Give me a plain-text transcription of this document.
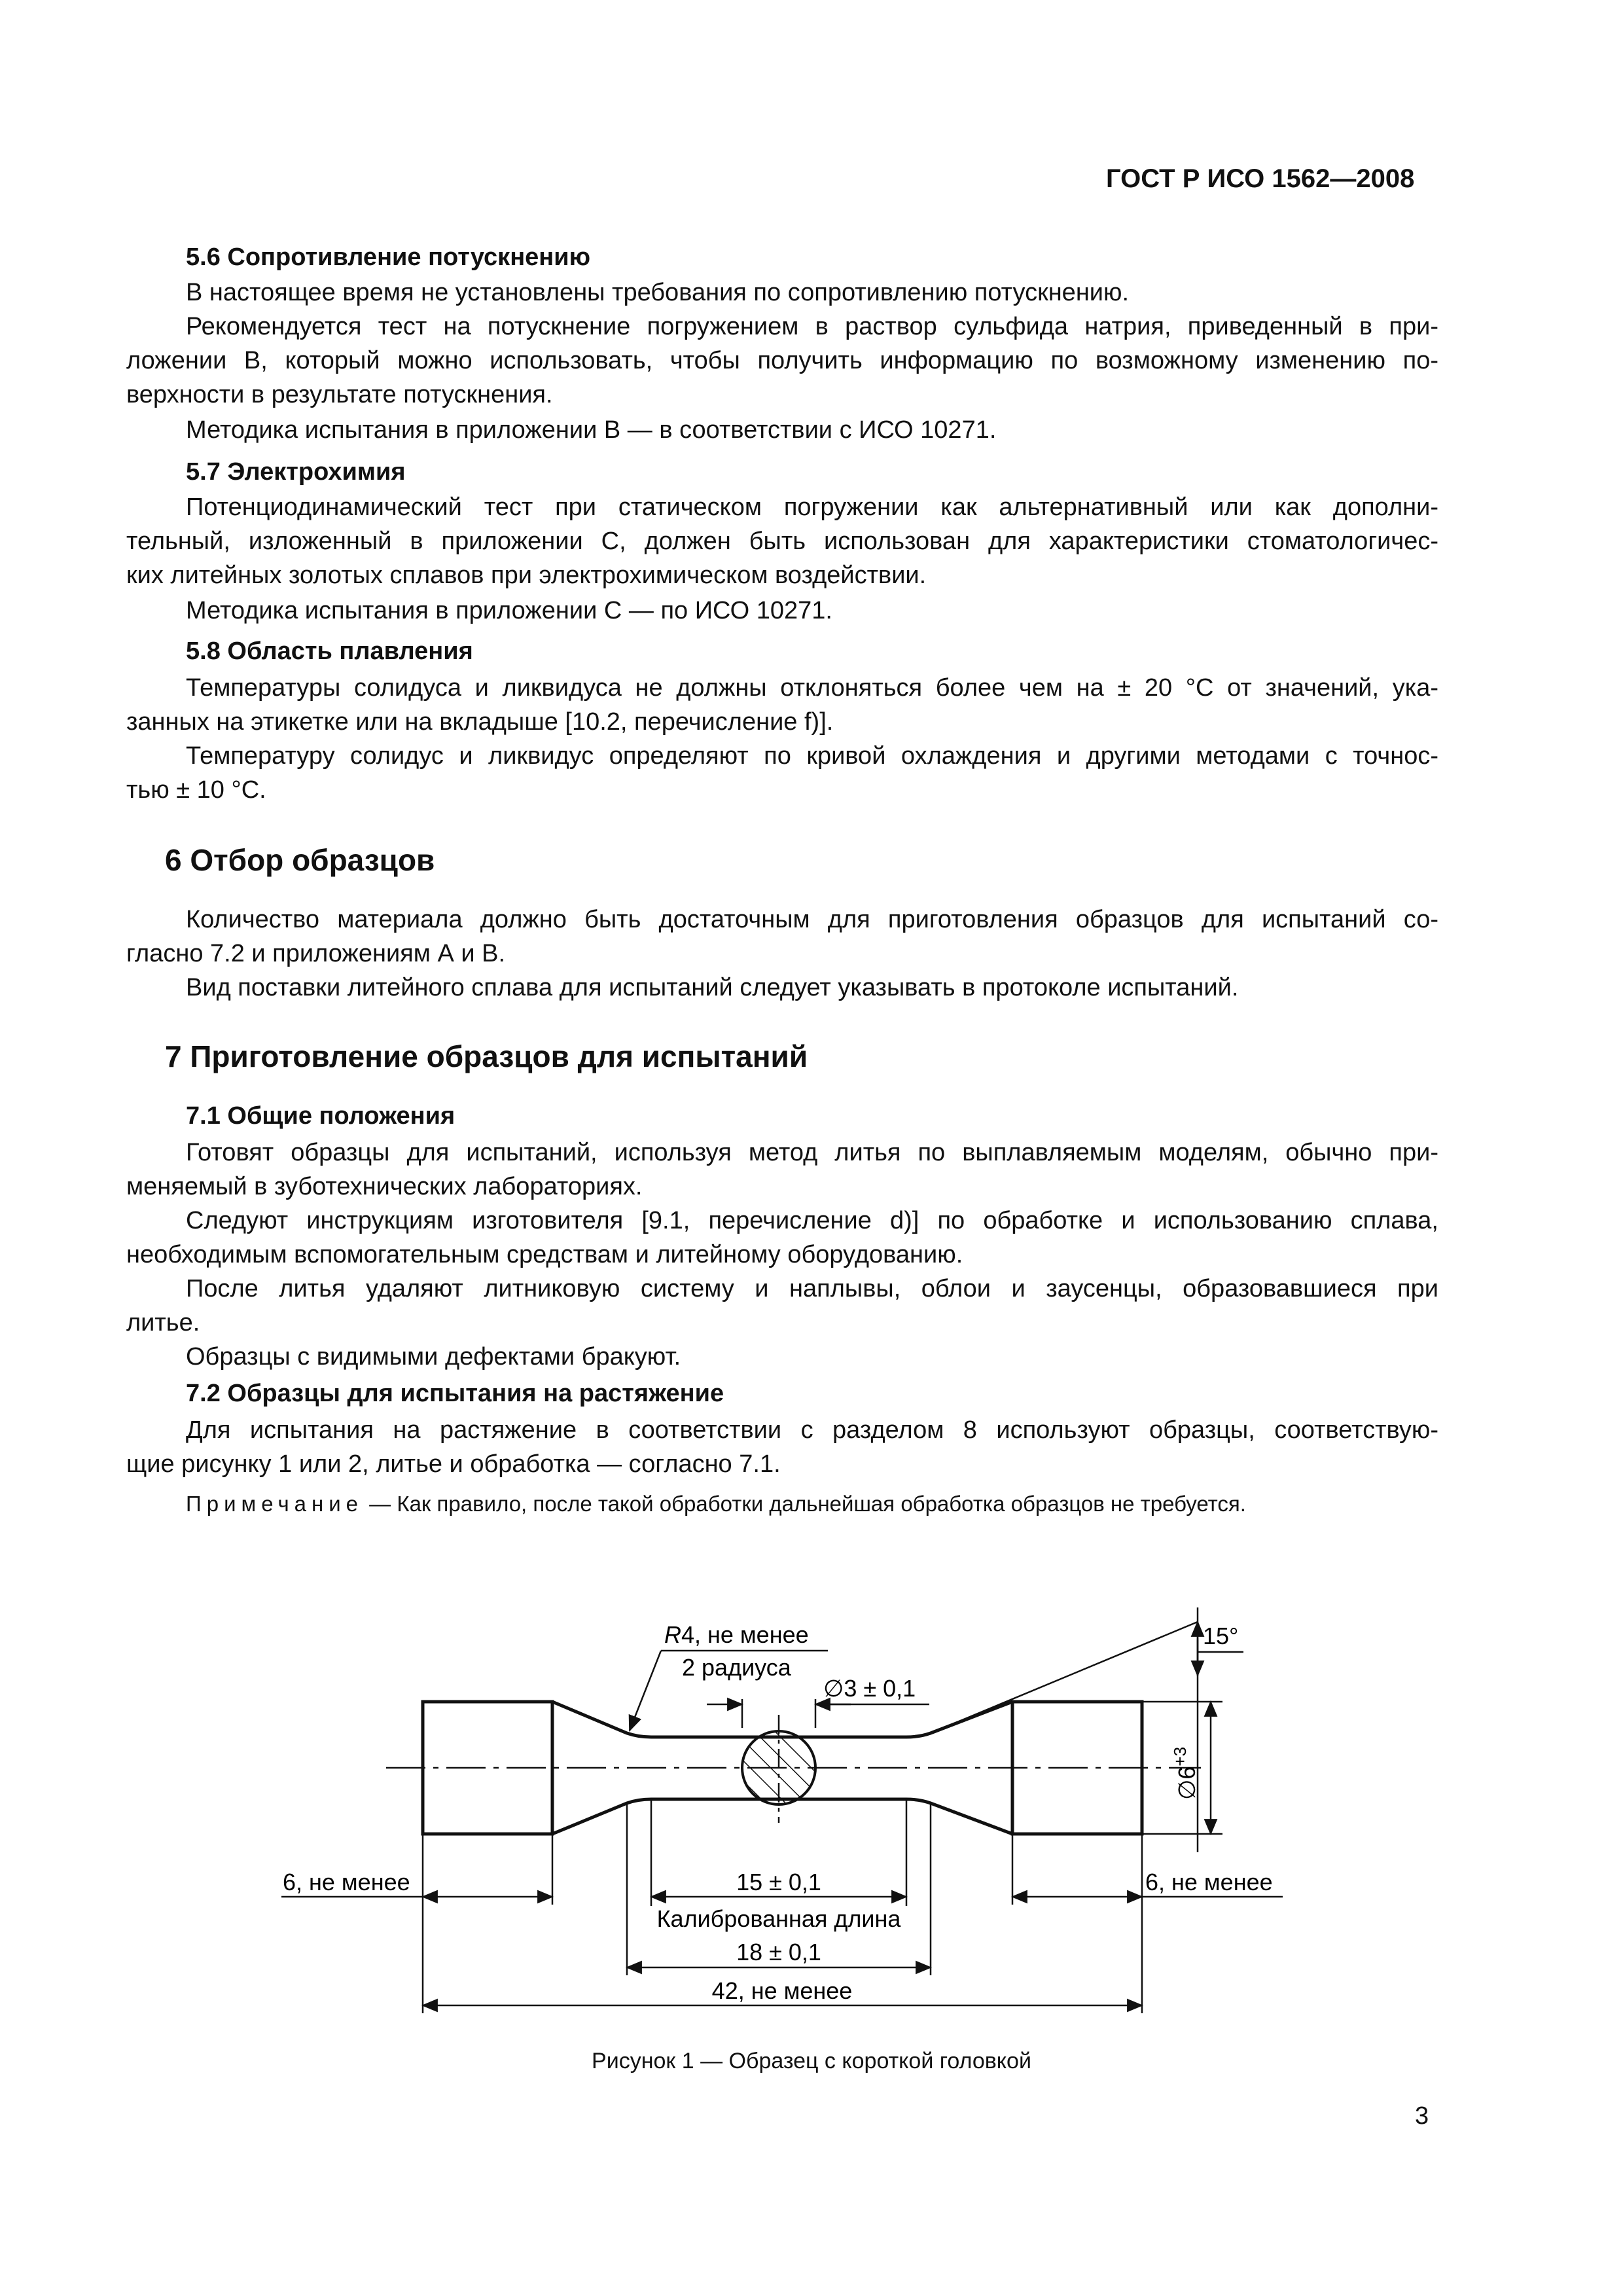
ГОСТ Р ИСО 1562—2008
5.6 Сопротивление потускнению
В настоящее время не установлены требования по сопротивлению потускнению.
Рекомендуется тест на потускнение погружением в раствор сульфида натрия, приведенный в при-
ложении В, который можно использовать, чтобы получить информацию по возможному изменению по-
верхности в результате потускнения.
Методика испытания в приложении В — в соответствии с ИСО 10271.
5.7 Электрохимия
Потенциодинамический тест при статическом погружении как альтернативный или как дополни-
тельный, изложенный в приложении С, должен быть использован для характеристики стоматологичес-
ких литейных золотых сплавов при электрохимическом воздействии.
Методика испытания в приложении С — по ИСО 10271.
5.8 Область плавления
Температуры солидуса и ликвидуса не должны отклоняться более чем на ± 20 °С от значений, ука-
занных на этикетке или на вкладыше [10.2, перечисление f)].
Температуру солидус и ликвидус определяют по кривой охлаждения и другими методами с точнос-
тью ± 10 °С.
6 Отбор образцов
Количество материала должно быть достаточным для приготовления образцов для испытаний со-
гласно 7.2 и приложениям А и В.
Вид поставки литейного сплава для испытаний следует указывать в протоколе испытаний.
7 Приготовление образцов для испытаний
7.1 Общие положения
Готовят образцы для испытаний, используя метод литья по выплавляемым моделям, обычно при-
меняемый в зуботехнических лабораториях.
Следуют инструкциям изготовителя [9.1, перечисление d)] по обработке и использованию сплава,
необходимым вспомогательным средствам и литейному оборудованию.
После литья удаляют литниковую систему и наплывы, облои и заусенцы, образовавшиеся при
литье.
Образцы с видимыми дефектами бракуют.
7.2 Образцы для испытания на растяжение
Для испытания на растяжение в соответствии с разделом 8 используют образцы, соответствую-
щие рисунку 1 или 2, литье и обработка — согласно 7.1.
Примечание — Как правило, после такой обработки дальнейшая обработка образцов не требуется.
R4, не менее
2 радиуса
∅3 ± 0,1
15°
$\emptyset 6^{+3}$
6, не менее	6, не менее
15 ± 0,1
Калиброванная длина
18 ± 0,1
42, не менее
Рисунок 1 — Образец с короткой головкой
3
